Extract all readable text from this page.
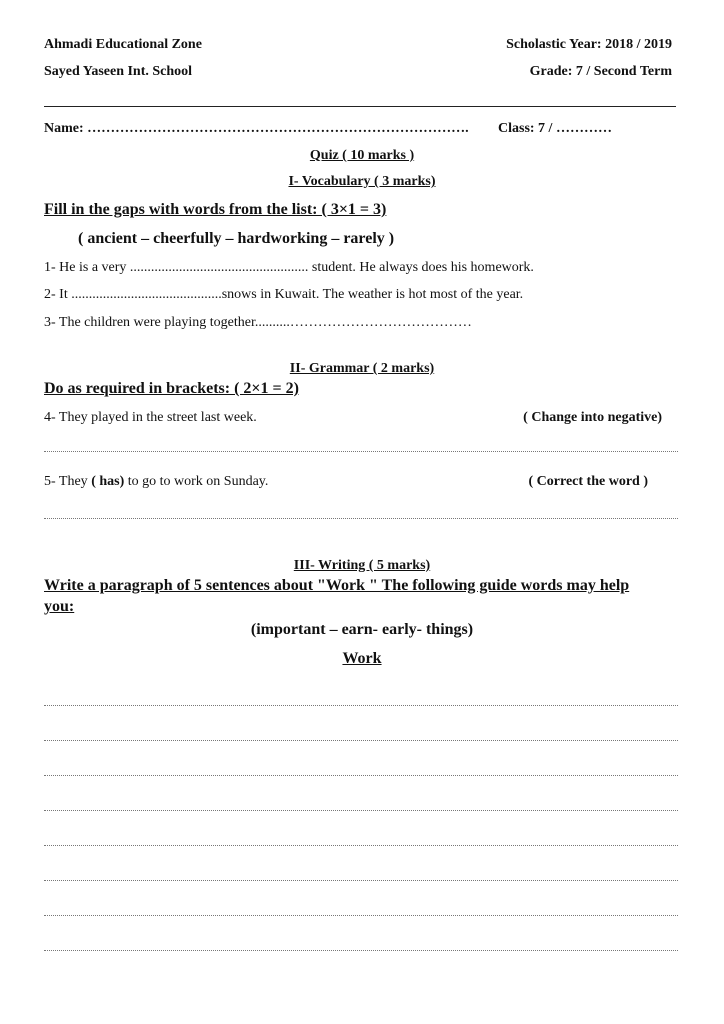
Ahmadi Educational Zone	Scholastic Year: 2018 / 2019
Sayed Yaseen Int. School	Grade: 7 / Second Term
Name: ………………………………………………………………………. Class: 7 / …………
Quiz ( 10 marks )
I- Vocabulary ( 3 marks)
Fill in the gaps with words from the list: ( 3×1 = 3)
( ancient – cheerfully – hardworking – rarely )
1- He is a very ................................................... student. He always does his homework.
2- It ...........................................snows in Kuwait. The weather is hot most of the year.
3- The children were playing together..........…………………………………
II- Grammar ( 2 marks)
Do as required in brackets: ( 2×1 = 2)
4- They played in the street last week.	( Change into negative)
5- They ( has) to go to work on Sunday.	( Correct the word )
III- Writing ( 5 marks)
Write a paragraph of 5 sentences about "Work " The following guide words may help
you:
(important – earn- early- things)
Work
